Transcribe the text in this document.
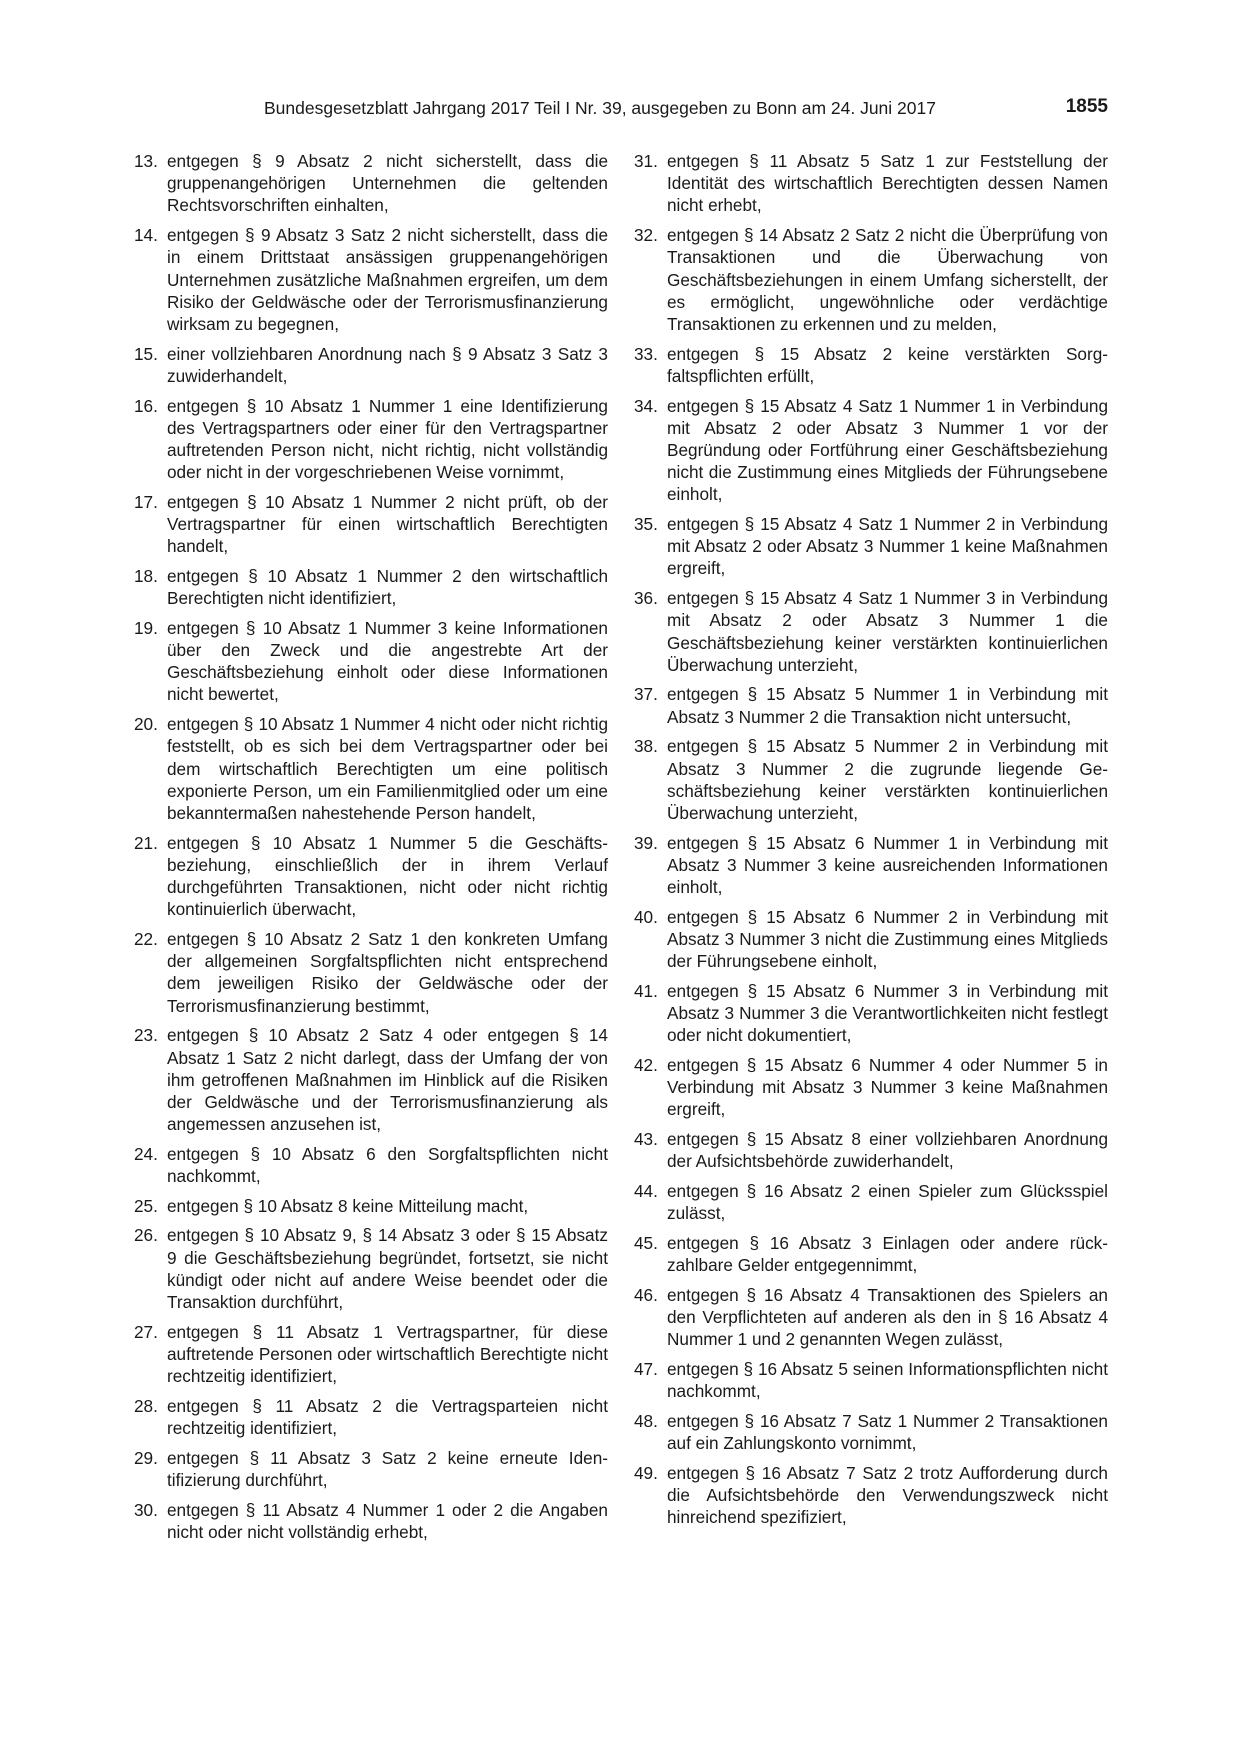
Bundesgesetzblatt Jahrgang 2017 Teil I Nr. 39, ausgegeben zu Bonn am 24. Juni 2017	1855
13. entgegen § 9 Absatz 2 nicht sicherstellt, dass die gruppenangehörigen Unternehmen die geltenden Rechtsvorschriften einhalten,
14. entgegen § 9 Absatz 3 Satz 2 nicht sicherstellt, dass die in einem Drittstaat ansässigen gruppenangehörigen Unternehmen zusätzliche Maßnahmen ergreifen, um dem Risiko der Geldwäsche oder der Terrorismusfinanzierung wirksam zu begegnen,
15. einer vollziehbaren Anordnung nach § 9 Absatz 3 Satz 3 zuwiderhandelt,
16. entgegen § 10 Absatz 1 Nummer 1 eine Identifizierung des Vertragspartners oder einer für den Vertragspartner auftretenden Person nicht, nicht richtig, nicht vollständig oder nicht in der vorgeschriebenen Weise vornimmt,
17. entgegen § 10 Absatz 1 Nummer 2 nicht prüft, ob der Vertragspartner für einen wirtschaftlich Berechtigten handelt,
18. entgegen § 10 Absatz 1 Nummer 2 den wirtschaftlich Berechtigten nicht identifiziert,
19. entgegen § 10 Absatz 1 Nummer 3 keine Informationen über den Zweck und die angestrebte Art der Geschäftsbeziehung einholt oder diese Informationen nicht bewertet,
20. entgegen § 10 Absatz 1 Nummer 4 nicht oder nicht richtig feststellt, ob es sich bei dem Vertragspartner oder bei dem wirtschaftlich Berechtigten um eine politisch exponierte Person, um ein Familienmitglied oder um eine bekanntermaßen nahestehende Person handelt,
21. entgegen § 10 Absatz 1 Nummer 5 die Geschäftsbeziehung, einschließlich der in ihrem Verlauf durchgeführten Transaktionen, nicht oder nicht richtig kontinuierlich überwacht,
22. entgegen § 10 Absatz 2 Satz 1 den konkreten Umfang der allgemeinen Sorgfaltspflichten nicht entsprechend dem jeweiligen Risiko der Geldwäsche oder der Terrorismusfinanzierung bestimmt,
23. entgegen § 10 Absatz 2 Satz 4 oder entgegen § 14 Absatz 1 Satz 2 nicht darlegt, dass der Umfang der von ihm getroffenen Maßnahmen im Hinblick auf die Risiken der Geldwäsche und der Terrorismusfinanzierung als angemessen anzusehen ist,
24. entgegen § 10 Absatz 6 den Sorgfaltspflichten nicht nachkommt,
25. entgegen § 10 Absatz 8 keine Mitteilung macht,
26. entgegen § 10 Absatz 9, § 14 Absatz 3 oder § 15 Absatz 9 die Geschäftsbeziehung begründet, fortsetzt, sie nicht kündigt oder nicht auf andere Weise beendet oder die Transaktion durchführt,
27. entgegen § 11 Absatz 1 Vertragspartner, für diese auftretende Personen oder wirtschaftlich Berechtigte nicht rechtzeitig identifiziert,
28. entgegen § 11 Absatz 2 die Vertragsparteien nicht rechtzeitig identifiziert,
29. entgegen § 11 Absatz 3 Satz 2 keine erneute Identifizierung durchführt,
30. entgegen § 11 Absatz 4 Nummer 1 oder 2 die Angaben nicht oder nicht vollständig erhebt,
31. entgegen § 11 Absatz 5 Satz 1 zur Feststellung der Identität des wirtschaftlich Berechtigten dessen Namen nicht erhebt,
32. entgegen § 14 Absatz 2 Satz 2 nicht die Überprüfung von Transaktionen und die Überwachung von Geschäftsbeziehungen in einem Umfang sicherstellt, der es ermöglicht, ungewöhnliche oder verdächtige Transaktionen zu erkennen und zu melden,
33. entgegen § 15 Absatz 2 keine verstärkten Sorgfaltspflichten erfüllt,
34. entgegen § 15 Absatz 4 Satz 1 Nummer 1 in Verbindung mit Absatz 2 oder Absatz 3 Nummer 1 vor der Begründung oder Fortführung einer Geschäftsbeziehung nicht die Zustimmung eines Mitglieds der Führungsebene einholt,
35. entgegen § 15 Absatz 4 Satz 1 Nummer 2 in Verbindung mit Absatz 2 oder Absatz 3 Nummer 1 keine Maßnahmen ergreift,
36. entgegen § 15 Absatz 4 Satz 1 Nummer 3 in Verbindung mit Absatz 2 oder Absatz 3 Nummer 1 die Geschäftsbeziehung keiner verstärkten kontinuierlichen Überwachung unterzieht,
37. entgegen § 15 Absatz 5 Nummer 1 in Verbindung mit Absatz 3 Nummer 2 die Transaktion nicht untersucht,
38. entgegen § 15 Absatz 5 Nummer 2 in Verbindung mit Absatz 3 Nummer 2 die zugrunde liegende Geschäftsbeziehung keiner verstärkten kontinuierlichen Überwachung unterzieht,
39. entgegen § 15 Absatz 6 Nummer 1 in Verbindung mit Absatz 3 Nummer 3 keine ausreichenden Informationen einholt,
40. entgegen § 15 Absatz 6 Nummer 2 in Verbindung mit Absatz 3 Nummer 3 nicht die Zustimmung eines Mitglieds der Führungsebene einholt,
41. entgegen § 15 Absatz 6 Nummer 3 in Verbindung mit Absatz 3 Nummer 3 die Verantwortlichkeiten nicht festlegt oder nicht dokumentiert,
42. entgegen § 15 Absatz 6 Nummer 4 oder Nummer 5 in Verbindung mit Absatz 3 Nummer 3 keine Maßnahmen ergreift,
43. entgegen § 15 Absatz 8 einer vollziehbaren Anordnung der Aufsichtsbehörde zuwiderhandelt,
44. entgegen § 16 Absatz 2 einen Spieler zum Glücksspiel zulässt,
45. entgegen § 16 Absatz 3 Einlagen oder andere rückzahlbare Gelder entgegennimmt,
46. entgegen § 16 Absatz 4 Transaktionen des Spielers an den Verpflichteten auf anderen als den in § 16 Absatz 4 Nummer 1 und 2 genannten Wegen zulässt,
47. entgegen § 16 Absatz 5 seinen Informationspflichten nicht nachkommt,
48. entgegen § 16 Absatz 7 Satz 1 Nummer 2 Transaktionen auf ein Zahlungskonto vornimmt,
49. entgegen § 16 Absatz 7 Satz 2 trotz Aufforderung durch die Aufsichtsbehörde den Verwendungszweck nicht hinreichend spezifiziert,
